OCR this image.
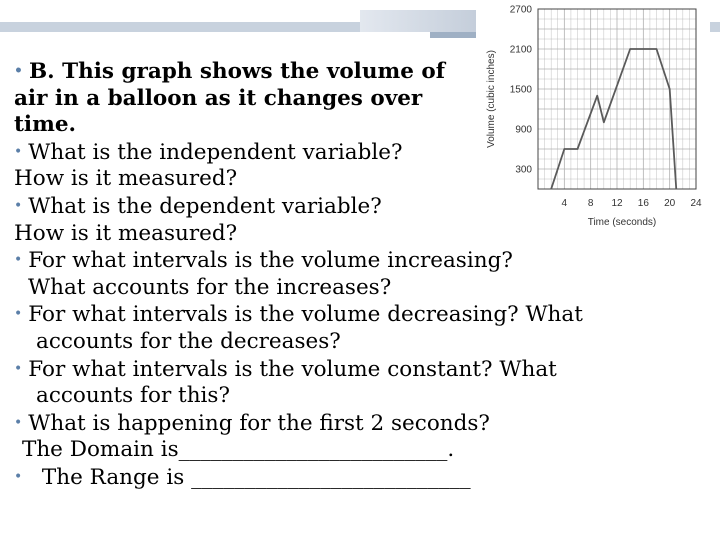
300
900
1500
2100
2700
4 8 12 16 20 24
Time (seconds)
Volume (cubic inches)
• B. This graph shows the volume of
air in a balloon as it changes over
time.
• What is the independent variable?
How is it measured?
• What is the dependent variable?
How is it measured?
• For what intervals is the volume increasing?
What accounts for the increases?
• For what intervals is the volume decreasing? What
accounts for the decreases?
• For what intervals is the volume constant? What
accounts for this?
• What is happening for the first 2 seconds?
The Domain is_________________________.
•  The Range is __________________________
